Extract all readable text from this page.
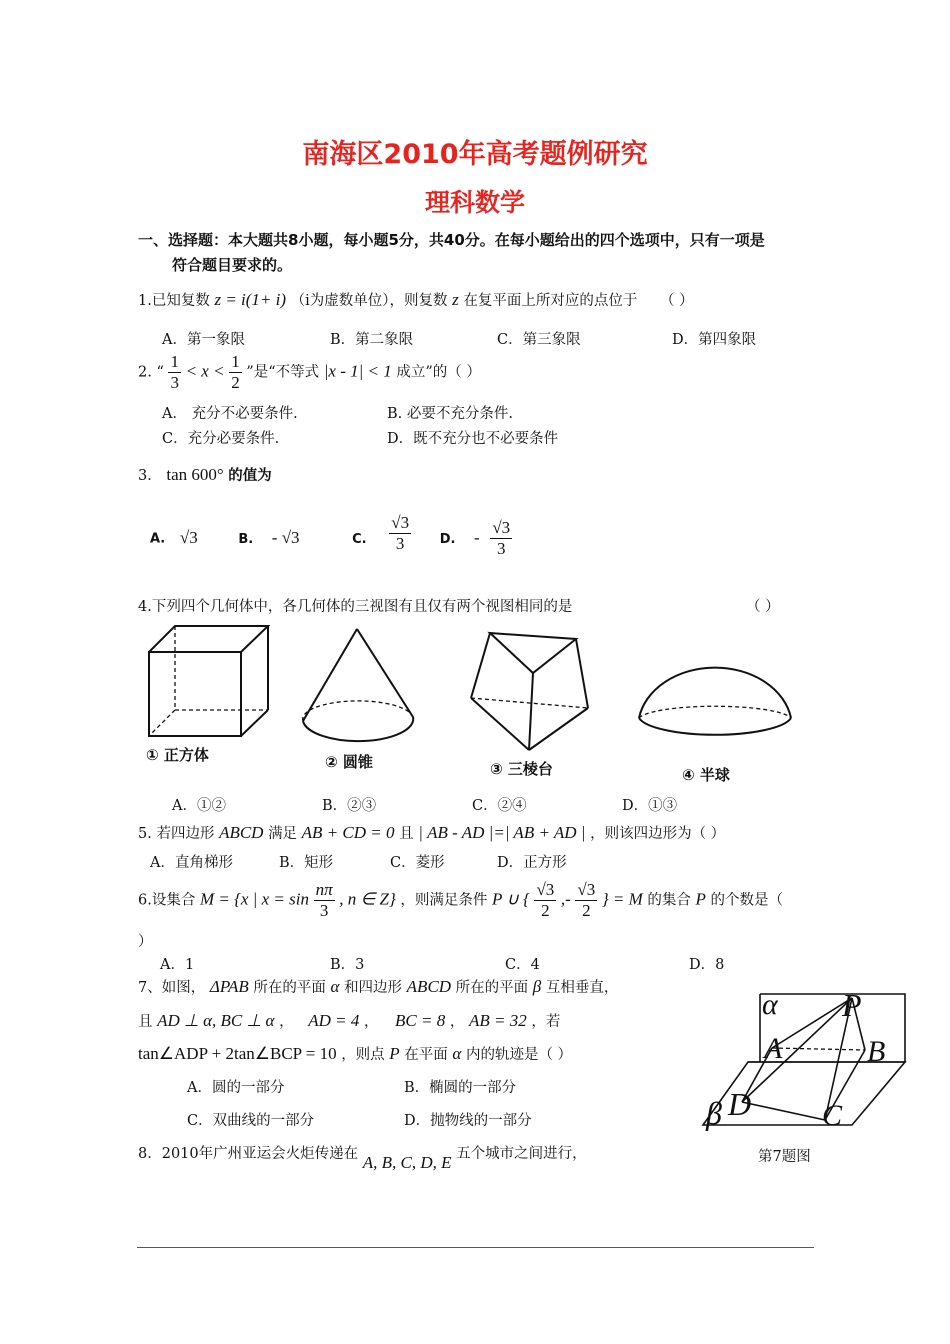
南海区2010年高考题例研究
理科数学
一、选择题：本大题共8小题，每小题5分，共40分。在每小题给出的四个选项中，只有一项是
符合题目要求的。
1.已知复数 z = i(1+ i) （i为虚数单位），则复数 z 在复平面上所对应的点位于 （ ）
A．第一象限	B．第二象限	C．第三象限	D．第四象限
2. “ $\frac{1}{3} < x < \frac{1}{2}$ ”是“不等式 |x - 1| < 1 成立”的（ ）
A． 充分不必要条件.	B. 必要不充分条件.
C．充分必要条件.	D．既不充分也不必要条件
3． tan 600° 的值为
A. √3	B. - √3	C. $\frac{√3}{3} D$. - $\frac{√3}{3}$
4.下列四个几何体中，各几何体的三视图有且仅有两个视图相同的是	（ ）
① 正方体	② 圆锥	③ 三棱台	④ 半球
A．①②	B．②③	C．②④	D．①③
5. 若四边形 ABCD 满足 AB + CD = 0 且 | AB - AD |=| AB + AD | ，则该四边形为（ ）
A．直角梯形	B．矩形	C．菱形	D．正方形
6.设集合 M = {x | $x = \sin \frac{n\pi}{3}$ , n ∈ Z} ，则满足条件 P ∪ { $\frac{√3}{2}$ ,- $\frac{√3}{2}$ } = M 的集合 P 的个数是（
）
A．1	B．3	C．4	D．8
7、如图， ΔPAB 所在的平面 α 和四边形 ABCD 所在的平面 β 互相垂直，
且 AD ⊥ α, BC ⊥ α ， AD = 4 ， BC = 8 ， AB = 32 ，若
tan∠ADP + 2tan∠BCP = 10 ，则点 P 在平面 α 内的轨迹是（ ）
A．圆的一部分	B．椭圆的一部分
C．双曲线的一部分	D．抛物线的一部分
α P
A	B
D C
β
第7题图
8．2010年广州亚运会火炬传递在 A, B, C, D, E 五个城市之间进行，
